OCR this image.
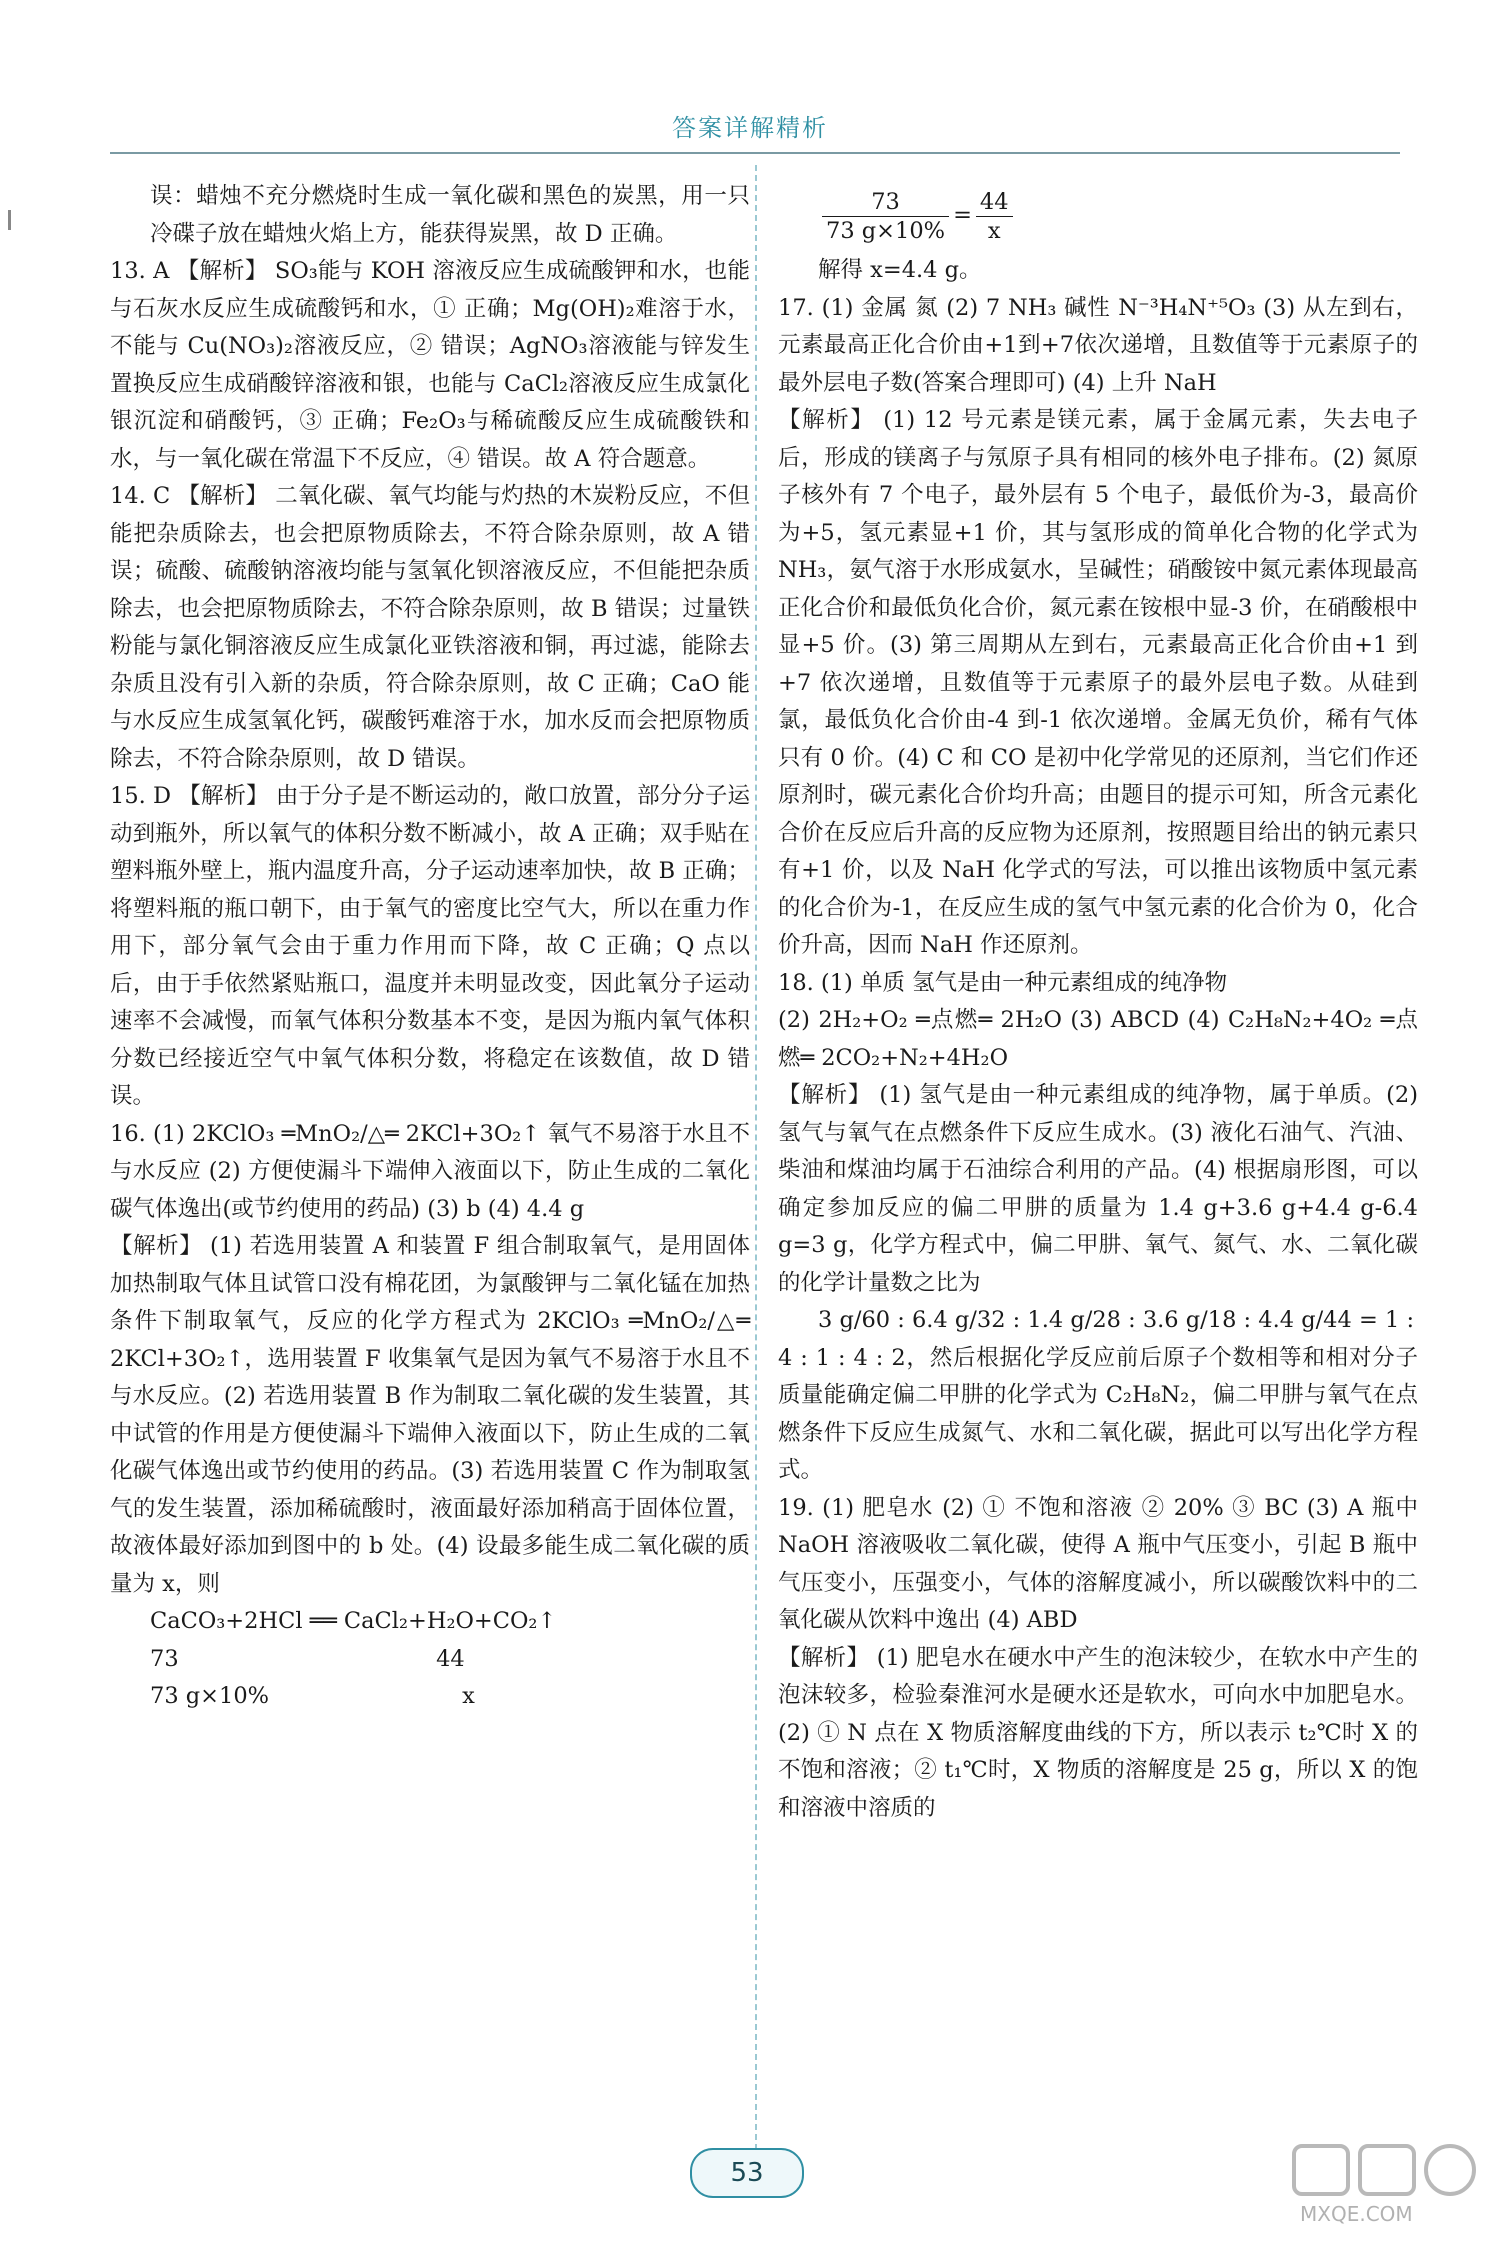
答案详解精析

误：蜡烛不充分燃烧时生成一氧化碳和黑色的炭黑，用一只冷碟子放在蜡烛火焰上方，能获得炭黑，故 D 正确。

13. A 【解析】 SO₃能与 KOH 溶液反应生成硫酸钾和水，也能与石灰水反应生成硫酸钙和水，① 正确；Mg(OH)₂难溶于水，不能与 Cu(NO₃)₂溶液反应，② 错误；AgNO₃溶液能与锌发生置换反应生成硝酸锌溶液和银，也能与 CaCl₂溶液反应生成氯化银沉淀和硝酸钙，③ 正确；Fe₂O₃与稀硫酸反应生成硫酸铁和水，与一氧化碳在常温下不反应，④ 错误。故 A 符合题意。

14. C 【解析】 二氧化碳、氧气均能与灼热的木炭粉反应，不但能把杂质除去，也会把原物质除去，不符合除杂原则，故 A 错误；硫酸、硫酸钠溶液均能与氢氧化钡溶液反应，不但能把杂质除去，也会把原物质除去，不符合除杂原则，故 B 错误；过量铁粉能与氯化铜溶液反应生成氯化亚铁溶液和铜，再过滤，能除去杂质且没有引入新的杂质，符合除杂原则，故 C 正确；CaO 能与水反应生成氢氧化钙，碳酸钙难溶于水，加水反而会把原物质除去，不符合除杂原则，故 D 错误。

15. D 【解析】 由于分子是不断运动的，敞口放置，部分分子运动到瓶外，所以氧气的体积分数不断减小，故 A 正确；双手贴在塑料瓶外壁上，瓶内温度升高，分子运动速率加快，故 B 正确；将塑料瓶的瓶口朝下，由于氧气的密度比空气大，所以在重力作用下，部分氧气会由于重力作用而下降，故 C 正确；Q 点以后，由于手依然紧贴瓶口，温度并未明显改变，因此氧分子运动速率不会减慢，而氧气体积分数基本不变，是因为瓶内氧气体积分数已经接近空气中氧气体积分数，将稳定在该数值，故 D 错误。

16. (1) 2KClO₃ ═MnO₂/△═ 2KCl+3O₂↑ 氧气不易溶于水且不与水反应 (2) 方便使漏斗下端伸入液面以下，防止生成的二氧化碳气体逸出(或节约使用的药品) (3) b (4) 4.4 g

【解析】 (1) 若选用装置 A 和装置 F 组合制取氧气，是用固体加热制取气体且试管口没有棉花团，为氯酸钾与二氧化锰在加热条件下制取氧气，反应的化学方程式为 2KClO₃ ═MnO₂/△═ 2KCl+3O₂↑，选用装置 F 收集氧气是因为氧气不易溶于水且不与水反应。(2) 若选用装置 B 作为制取二氧化碳的发生装置，其中试管的作用是方便使漏斗下端伸入液面以下，防止生成的二氧化碳气体逸出或节约使用的药品。(3) 若选用装置 C 作为制取氢气的发生装置，添加稀硫酸时，液面最好添加稍高于固体位置，故液体最好添加到图中的 b 处。(4) 设最多能生成二氧化碳的质量为 x，则

CaCO₃+2HCl ══ CaCl₂+H₂O+CO₂↑

73                                    44

73 g×10%                           x

$\frac{73}{73 g\times 10\%} = \frac{44}{x}$

解得 x=4.4 g。

17. (1) 金属 氮 (2) 7 NH₃ 碱性 N⁻³H₄N⁺⁵O₃ (3) 从左到右，元素最高正化合价由+1到+7依次递增，且数值等于元素原子的最外层电子数(答案合理即可) (4) 上升 NaH

【解析】 (1) 12 号元素是镁元素，属于金属元素，失去电子后，形成的镁离子与氖原子具有相同的核外电子排布。(2) 氮原子核外有 7 个电子，最外层有 5 个电子，最低价为-3，最高价为+5，氢元素显+1 价，其与氢形成的简单化合物的化学式为 NH₃，氨气溶于水形成氨水，呈碱性；硝酸铵中氮元素体现最高正化合价和最低负化合价，氮元素在铵根中显-3 价，在硝酸根中显+5 价。(3) 第三周期从左到右，元素最高正化合价由+1 到+7 依次递增，且数值等于元素原子的最外层电子数。从硅到氯，最低负化合价由-4 到-1 依次递增。金属无负价，稀有气体只有 0 价。(4) C 和 CO 是初中化学常见的还原剂，当它们作还原剂时，碳元素化合价均升高；由题目的提示可知，所含元素化合价在反应后升高的反应物为还原剂，按照题目给出的钠元素只有+1 价，以及 NaH 化学式的写法，可以推出该物质中氢元素的化合价为-1，在反应生成的氢气中氢元素的化合价为 0，化合价升高，因而 NaH 作还原剂。

18. (1) 单质 氢气是由一种元素组成的纯净物

(2) 2H₂+O₂ ═点燃═ 2H₂O (3) ABCD (4) C₂H₈N₂+4O₂ ═点燃═ 2CO₂+N₂+4H₂O

【解析】 (1) 氢气是由一种元素组成的纯净物，属于单质。(2) 氢气与氧气在点燃条件下反应生成水。(3) 液化石油气、汽油、柴油和煤油均属于石油综合利用的产品。(4) 根据扇形图，可以确定参加反应的偏二甲肼的质量为 1.4 g+3.6 g+4.4 g-6.4 g=3 g，化学方程式中，偏二甲肼、氧气、氮气、水、二氧化碳的化学计量数之比为

3 g/60 : 6.4 g/32 : 1.4 g/28 : 3.6 g/18 : 4.4 g/44 = 1 :

4 : 1 : 4 : 2，然后根据化学反应前后原子个数相等和相对分子质量能确定偏二甲肼的化学式为 C₂H₈N₂，偏二甲肼与氧气在点燃条件下反应生成氮气、水和二氧化碳，据此可以写出化学方程式。

19. (1) 肥皂水 (2) ① 不饱和溶液 ② 20% ③ BC (3) A 瓶中 NaOH 溶液吸收二氧化碳，使得 A 瓶中气压变小，引起 B 瓶中气压变小，压强变小，气体的溶解度减小，所以碳酸饮料中的二氧化碳从饮料中逸出 (4) ABD

【解析】 (1) 肥皂水在硬水中产生的泡沫较少，在软水中产生的泡沫较多，检验秦淮河水是硬水还是软水，可向水中加肥皂水。(2) ① N 点在 X 物质溶解度曲线的下方，所以表示 t₂℃时 X 的不饱和溶液；② t₁℃时，X 物质的溶解度是 25 g，所以 X 的饱和溶液中溶质的

53
MXQE.COM
